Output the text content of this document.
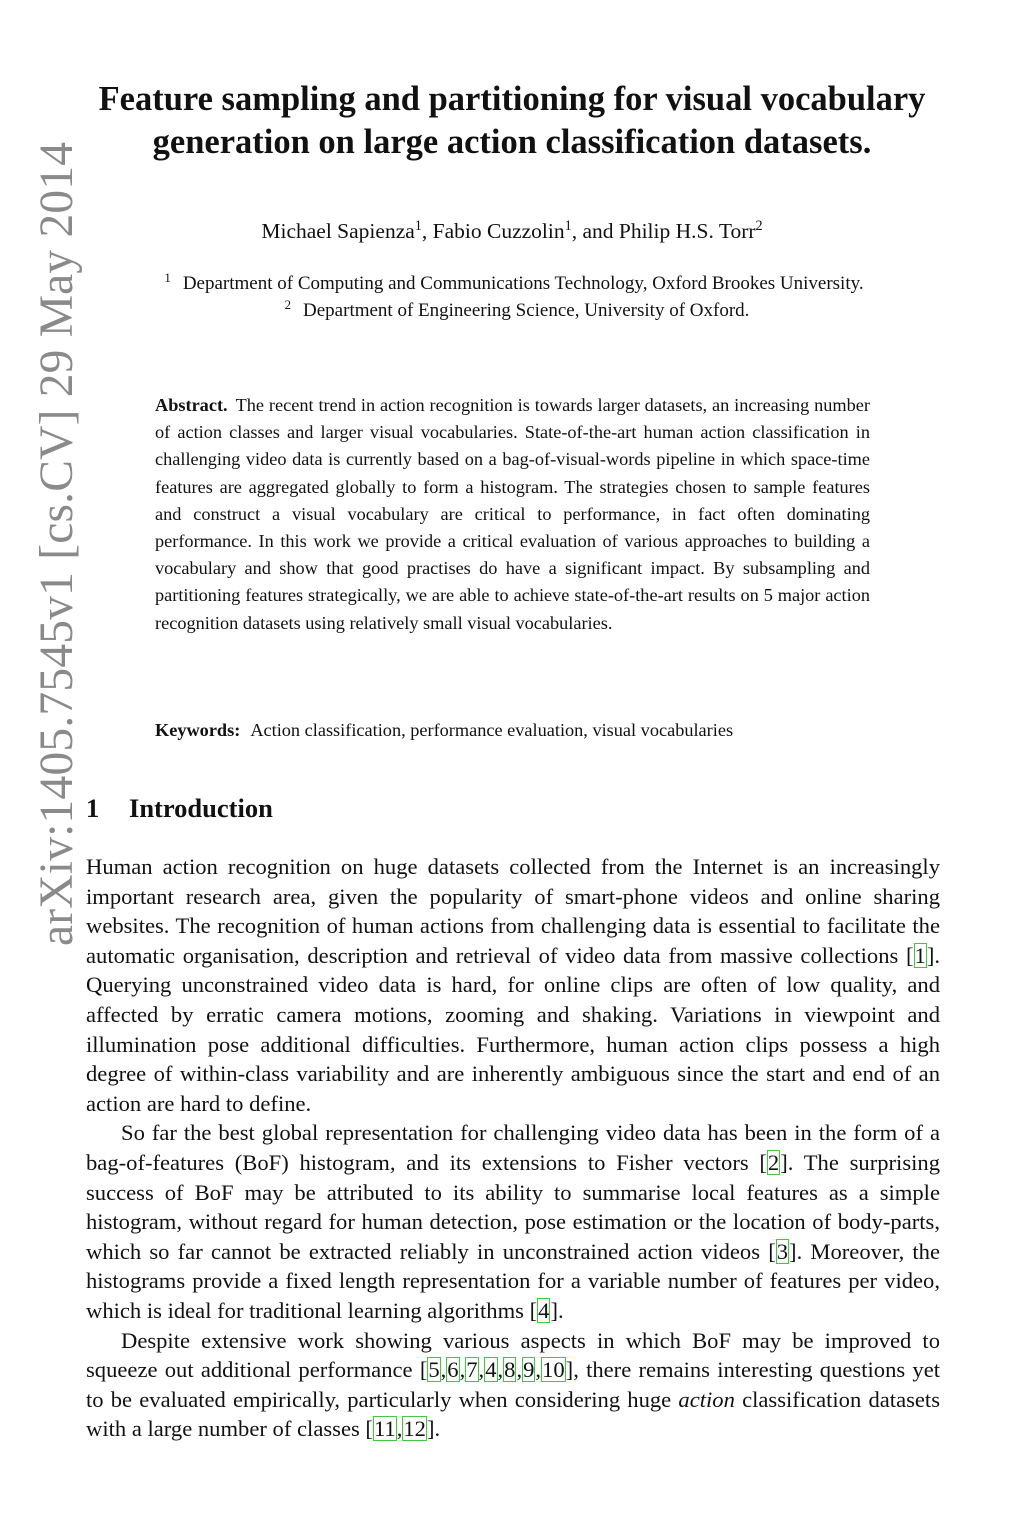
arXiv:1405.7545v1 [cs.CV] 29 May 2014
Feature sampling and partitioning for visual vocabulary
generation on large action classification datasets.
Michael Sapienza$^1$, Fabio Cuzzolin$^1$, and Philip H.S. Torr$^2$
$^1$ Department of Computing and Communications Technology, Oxford Brookes University.
$^2$ Department of Engineering Science, University of Oxford.
Abstract. The recent trend in action recognition is towards larger datasets, an increasing number of action classes and larger visual vocabularies. State-of-the-art human action classification in challenging video data is currently based on a bag-of-visual-words pipeline in which space-time features are aggregated globally to form a histogram. The strategies chosen to sample features and construct a visual vocabulary are critical to performance, in fact often dominating performance. In this work we provide a critical evaluation of various approaches to building a vocabulary and show that good practises do have a significant impact. By subsampling and partitioning features strategically, we are able to achieve state-of-the-art results on 5 major action recognition datasets using relatively small visual vocabularies.
Keywords: Action classification, performance evaluation, visual vocabularies
1 Introduction

Human action recognition on huge datasets collected from the Internet is an increasingly important research area, given the popularity of smart-phone videos and online sharing websites. The recognition of human actions from challenging data is essential to facilitate the automatic organisation, description and retrieval of video data from massive collections [1]. Querying unconstrained video data is hard, for online clips are often of low quality, and affected by erratic camera motions, zooming and shaking. Variations in viewpoint and illumination pose additional difficulties. Furthermore, human action clips possess a high degree of within-class variability and are inherently ambiguous since the start and end of an action are hard to define.

So far the best global representation for challenging video data has been in the form of a bag-of-features (BoF) histogram, and its extensions to Fisher vectors [2]. The surprising success of BoF may be attributed to its ability to summarise local features as a simple histogram, without regard for human detection, pose estimation or the location of body-parts, which so far cannot be extracted reliably in unconstrained action videos [3]. Moreover, the histograms provide a fixed length representation for a variable number of features per video, which is ideal for traditional learning algorithms [4].

Despite extensive work showing various aspects in which BoF may be improved to squeeze out additional performance [5,6,7,4,8,9,10], there remains interesting questions yet to be evaluated empirically, particularly when considering huge action classification datasets with a large number of classes [11,12].
